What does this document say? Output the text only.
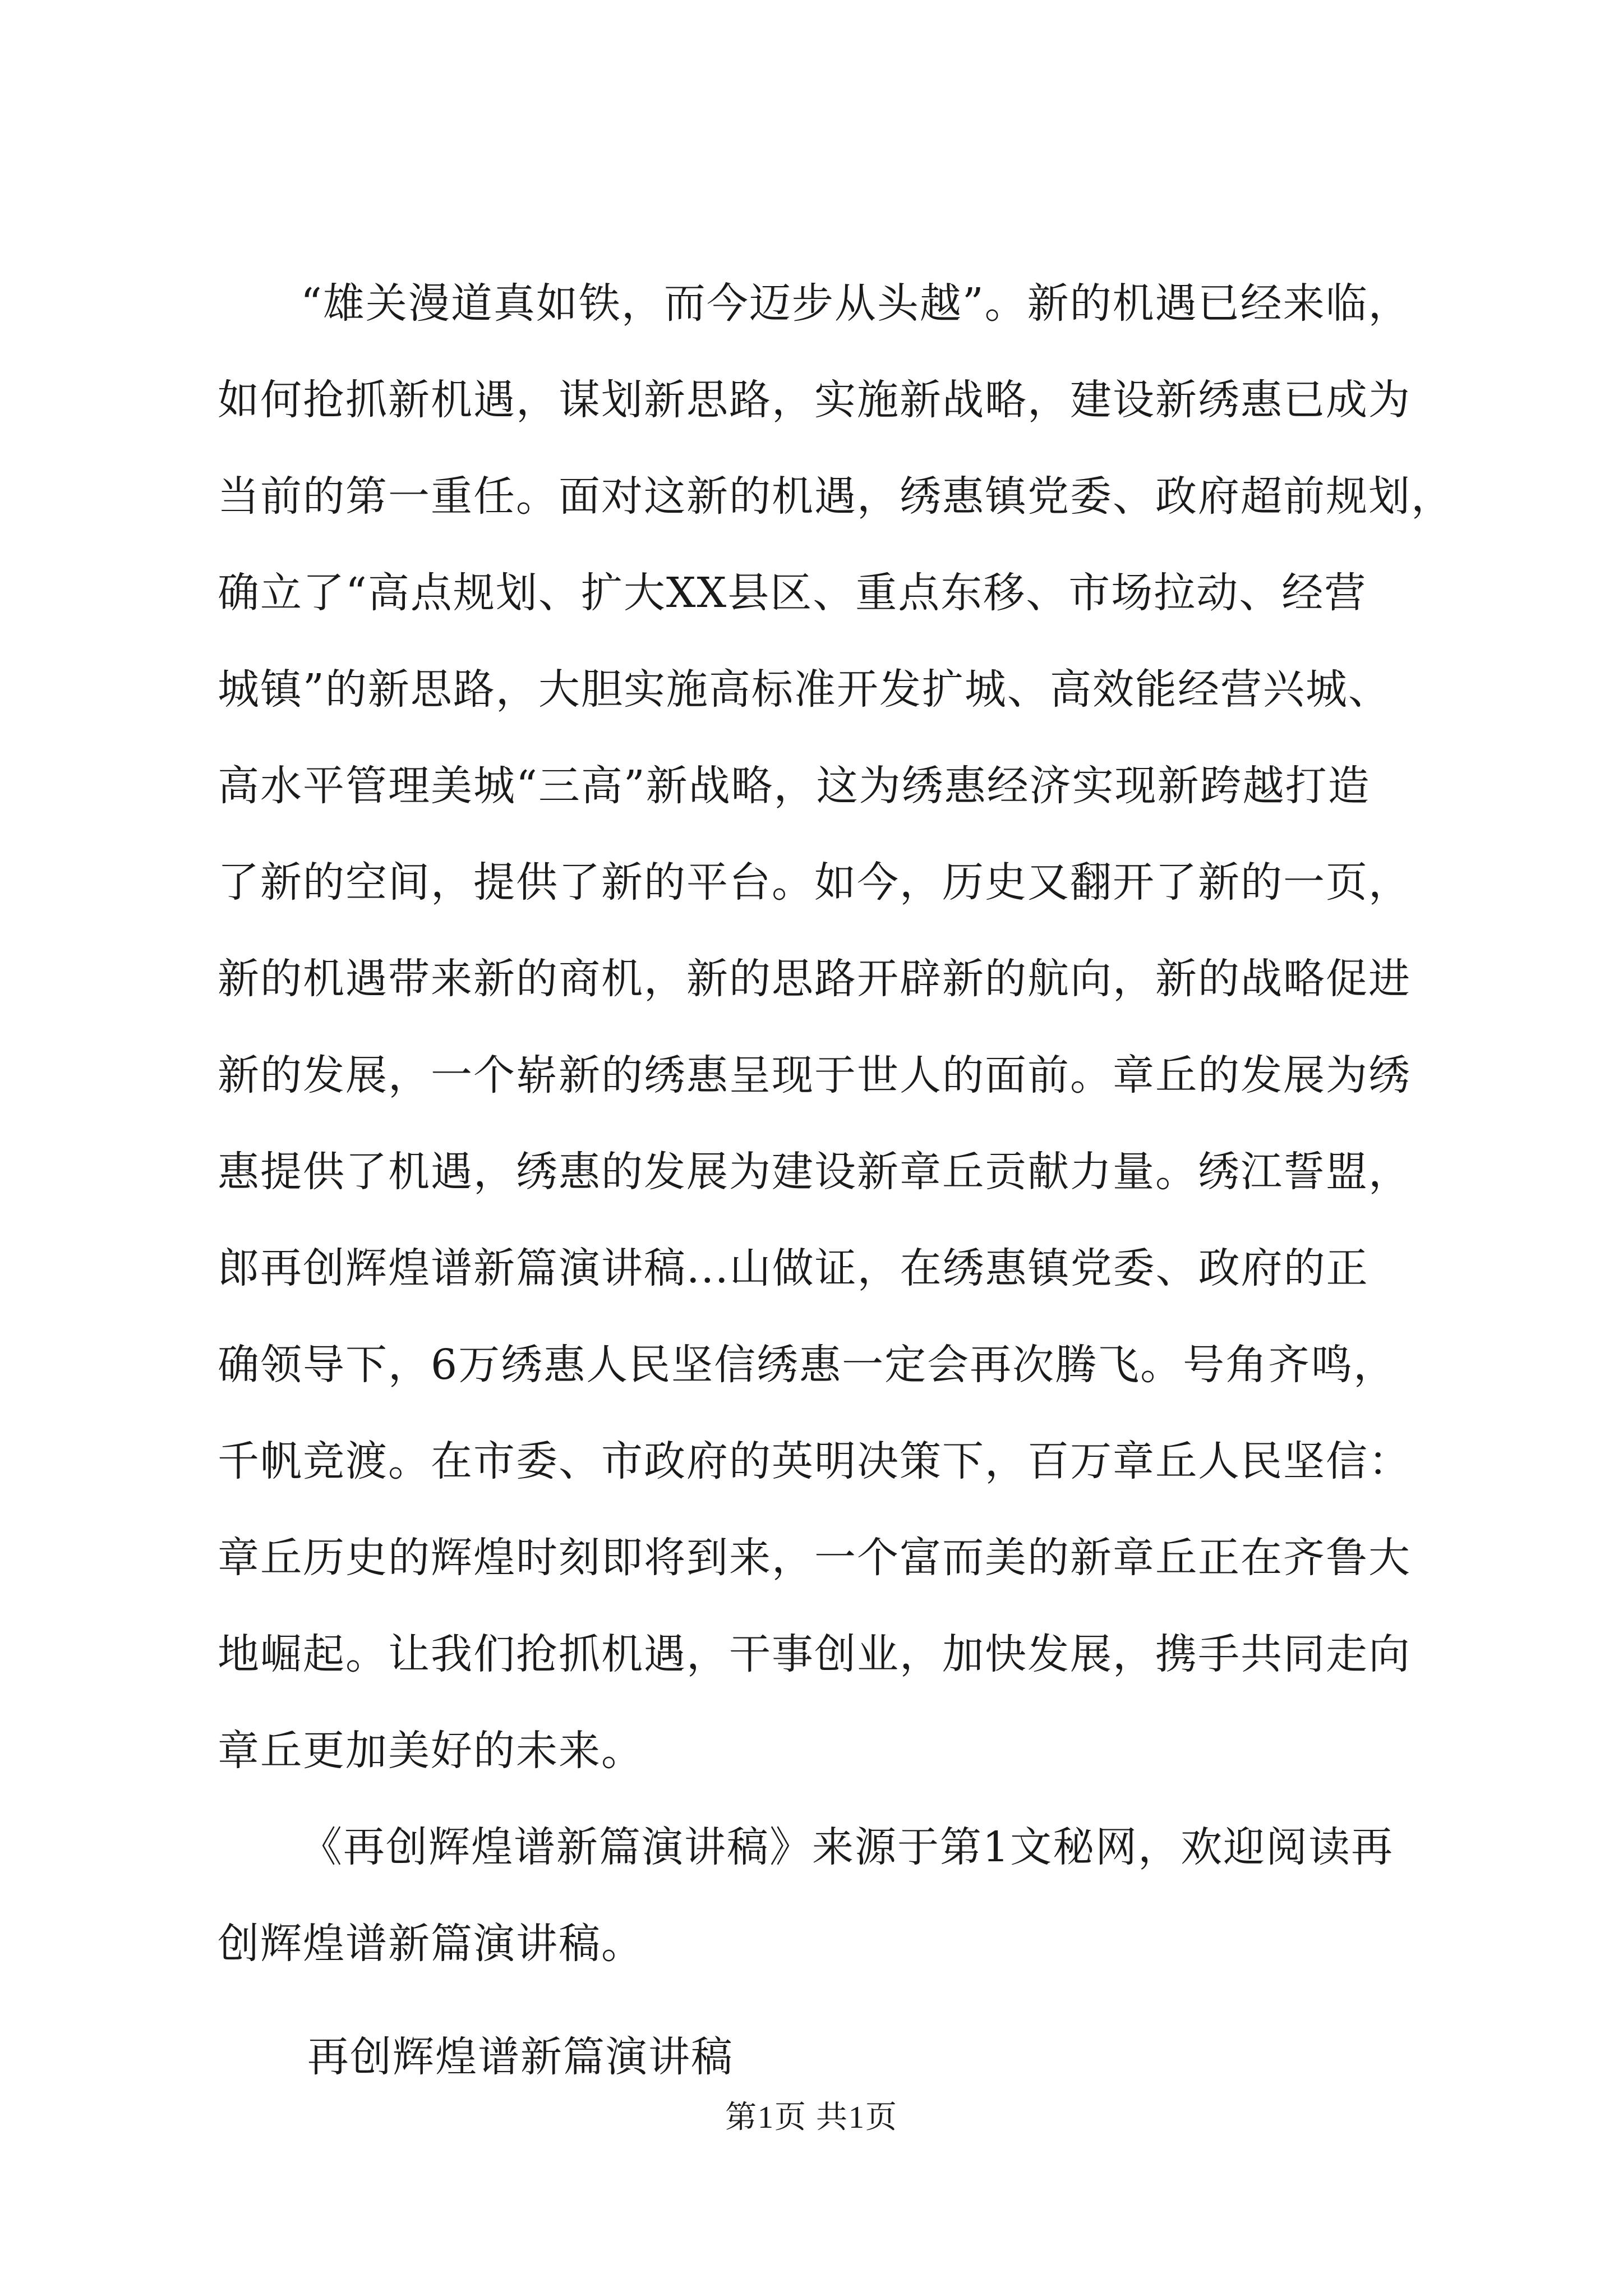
“雄关漫道真如铁，而今迈步从头越”。新的机遇已经来临，
如何抢抓新机遇，谋划新思路，实施新战略，建设新绣惠已成为
当前的第一重任。面对这新的机遇，绣惠镇党委、政府超前规划，
确立了“高点规划、扩大XX县区、重点东移、市场拉动、经营
城镇”的新思路，大胆实施高标准开发扩城、高效能经营兴城、
高水平管理美城“三高”新战略，这为绣惠经济实现新跨越打造
了新的空间，提供了新的平台。如今，历史又翻开了新的一页，
新的机遇带来新的商机，新的思路开辟新的航向，新的战略促进
新的发展，一个崭新的绣惠呈现于世人的面前。章丘的发展为绣
惠提供了机遇，绣惠的发展为建设新章丘贡献力量。绣江誓盟，
郎再创辉煌谱新篇演讲稿...山做证，在绣惠镇党委、政府的正
确领导下，6万绣惠人民坚信绣惠一定会再次腾飞。号角齐鸣，
千帆竞渡。在市委、市政府的英明决策下，百万章丘人民坚信：
章丘历史的辉煌时刻即将到来，一个富而美的新章丘正在齐鲁大
地崛起。让我们抢抓机遇，干事创业，加快发展，携手共同走向
章丘更加美好的未来。
《再创辉煌谱新篇演讲稿》来源于第1文秘网，欢迎阅读再
创辉煌谱新篇演讲稿。
再创辉煌谱新篇演讲稿
第1页 共1页
